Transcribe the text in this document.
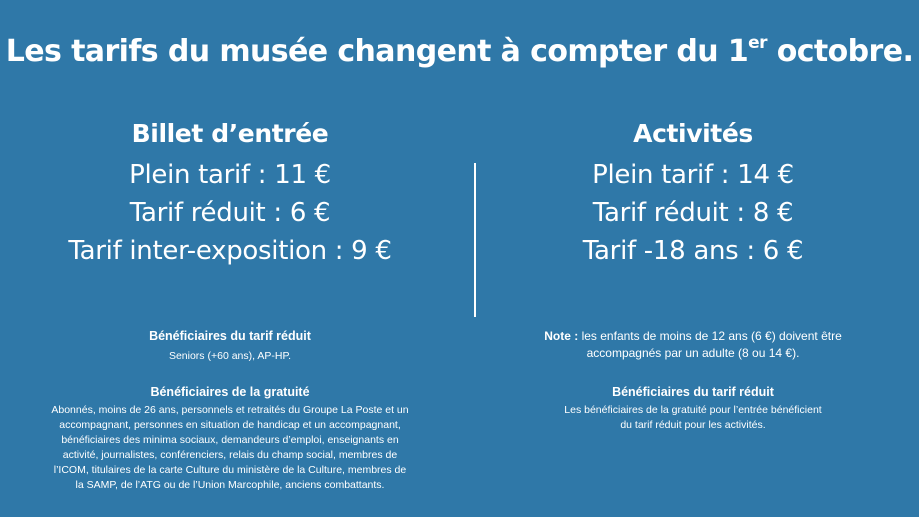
Les tarifs du musée changent à compter du 1er octobre.
Billet d’entrée
Plein tarif : 11 €
Tarif réduit : 6 €
Tarif inter-exposition : 9 €
Activités
Plein tarif : 14 €
Tarif réduit : 8 €
Tarif -18 ans : 6 €
Bénéficiaires du tarif réduit
Seniors (+60 ans), AP-HP.
Bénéficiaires de la gratuité
Abonnés, moins de 26 ans, personnels et retraités du Groupe La Poste et un
accompagnant, personnes en situation de handicap et un accompagnant,
bénéficiaires des minima sociaux, demandeurs d’emploi, enseignants en
activité, journalistes, conférenciers, relais du champ social, membres de
l’ICOM, titulaires de la carte Culture du ministère de la Culture, membres de
la SAMP, de l’ATG ou de l’Union Marcophile, anciens combattants.
Note : les enfants de moins de 12 ans (6 €) doivent être
accompagnés par un adulte (8 ou 14 €).
Bénéficiaires du tarif réduit
Les bénéficiaires de la gratuité pour l’entrée bénéficient
du tarif réduit pour les activités.
